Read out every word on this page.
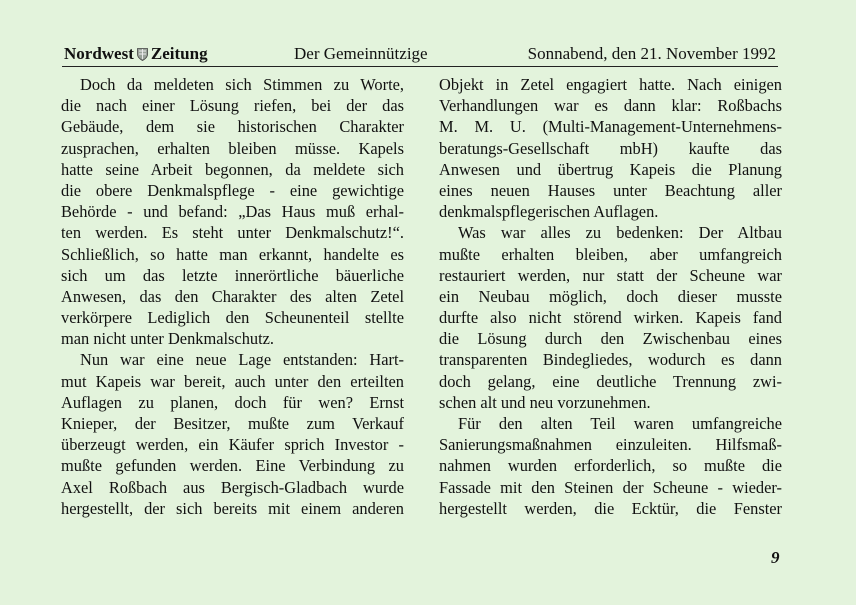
Nordwest Zeitung	Der Gemeinnützige	Sonnabend, den 21. November 1992
Doch da meldeten sich Stimmen zu Worte,
die nach einer Lösung riefen, bei der das
Gebäude, dem sie historischen Charakter
zusprachen, erhalten bleiben müsse. Kapels
hatte seine Arbeit begonnen, da meldete sich
die obere Denkmalspflege - eine gewichtige
Behörde - und befand: „Das Haus muß erhal-
ten werden. Es steht unter Denkmalschutz!“.
Schließlich, so hatte man erkannt, handelte es
sich um das letzte innerörtliche bäuerliche
Anwesen, das den Charakter des alten Zetel
verkörpere Lediglich den Scheunenteil stellte
man nicht unter Denkmalschutz.
Nun war eine neue Lage entstanden: Hart-
mut Kapeis war bereit, auch unter den erteilten
Auflagen zu planen, doch für wen? Ernst
Knieper, der Besitzer, mußte zum Verkauf
überzeugt werden, ein Käufer sprich Investor -
mußte gefunden werden. Eine Verbindung zu
Axel Roßbach aus Bergisch-Gladbach wurde
hergestellt, der sich bereits mit einem anderen
Objekt in Zetel engagiert hatte. Nach einigen
Verhandlungen war es dann klar: Roßbachs
M. M. U. (Multi-Management-Unternehmens-
beratungs-Gesellschaft mbH) kaufte das
Anwesen und übertrug Kapeis die Planung
eines neuen Hauses unter Beachtung aller
denkmalspflegerischen Auflagen.
Was war alles zu bedenken: Der Altbau
mußte erhalten bleiben, aber umfangreich
restauriert werden, nur statt der Scheune war
ein Neubau möglich, doch dieser musste
durfte also nicht störend wirken. Kapeis fand
die Lösung durch den Zwischenbau eines
transparenten Bindegliedes, wodurch es dann
doch gelang, eine deutliche Trennung zwi-
schen alt und neu vorzunehmen.
Für den alten Teil waren umfangreiche
Sanierungsmaßnahmen einzuleiten. Hilfsmaß-
nahmen wurden erforderlich, so mußte die
Fassade mit den Steinen der Scheune - wieder-
hergestellt werden, die Ecktür, die Fenster
9
